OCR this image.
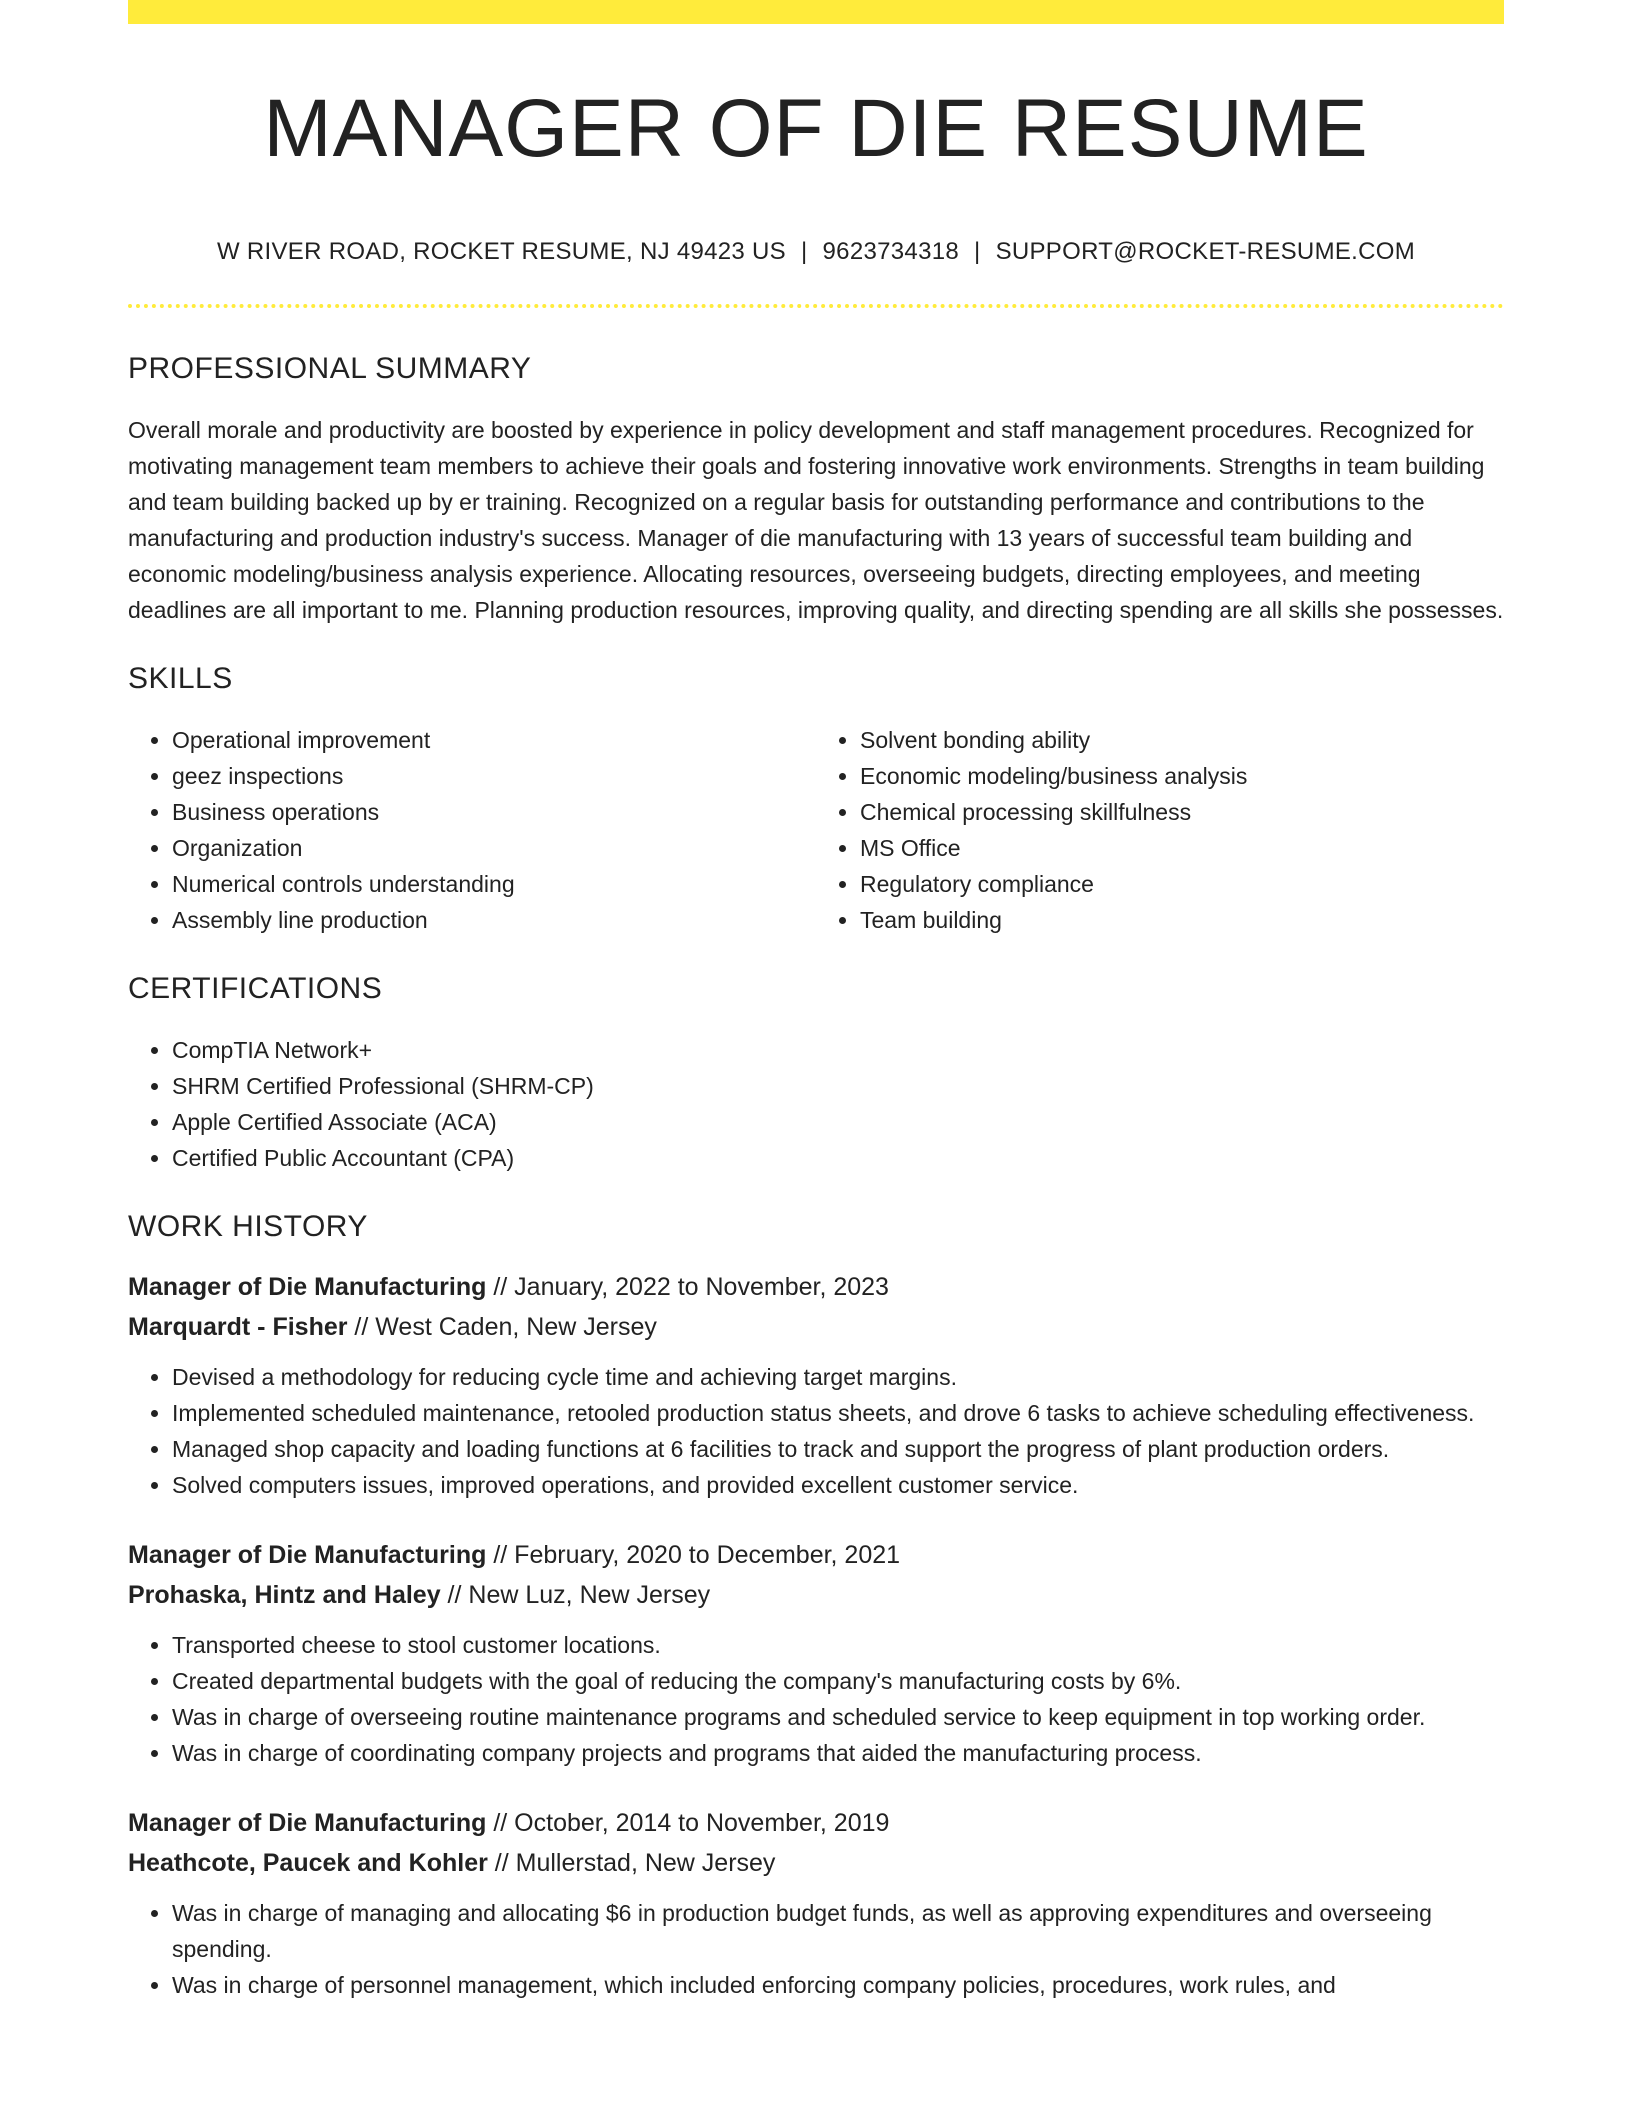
MANAGER OF DIE RESUME
W RIVER ROAD, ROCKET RESUME, NJ 49423 US | 9623734318 | SUPPORT@ROCKET-RESUME.COM
PROFESSIONAL SUMMARY

Overall morale and productivity are boosted by experience in policy development and staff management procedures. Recognized for motivating management team members to achieve their goals and fostering innovative work environments. Strengths in team building and team building backed up by er training. Recognized on a regular basis for outstanding performance and contributions to the manufacturing and production industry's success. Manager of die manufacturing with 13 years of successful team building and economic modeling/business analysis experience. Allocating resources, overseeing budgets, directing employees, and meeting deadlines are all important to me. Planning production resources, improving quality, and directing spending are all skills she possesses.

SKILLS
• Operational improvement
• geez inspections
• Business operations
• Organization
• Numerical controls understanding
• Assembly line production
• Solvent bonding ability
• Economic modeling/business analysis
• Chemical processing skillfulness
• MS Office
• Regulatory compliance
• Team building
CERTIFICATIONS
• CompTIA Network+
• SHRM Certified Professional (SHRM-CP)
• Apple Certified Associate (ACA)
• Certified Public Accountant (CPA)
WORK HISTORY

Manager of Die Manufacturing // January, 2022 to November, 2023

Marquardt - Fisher // West Caden, New Jersey

• Devised a methodology for reducing cycle time and achieving target margins.
• Implemented scheduled maintenance, retooled production status sheets, and drove 6 tasks to achieve scheduling effectiveness.
• Managed shop capacity and loading functions at 6 facilities to track and support the progress of plant production orders.
• Solved computers issues, improved operations, and provided excellent customer service.

Manager of Die Manufacturing // February, 2020 to December, 2021

Prohaska, Hintz and Haley // New Luz, New Jersey

• Transported cheese to stool customer locations.
• Created departmental budgets with the goal of reducing the company's manufacturing costs by 6%.
• Was in charge of overseeing routine maintenance programs and scheduled service to keep equipment in top working order.
• Was in charge of coordinating company projects and programs that aided the manufacturing process.

Manager of Die Manufacturing // October, 2014 to November, 2019

Heathcote, Paucek and Kohler // Mullerstad, New Jersey

• Was in charge of managing and allocating $6 in production budget funds, as well as approving expenditures and overseeing spending.
• Was in charge of personnel management, which included enforcing company policies, procedures, work rules, and
